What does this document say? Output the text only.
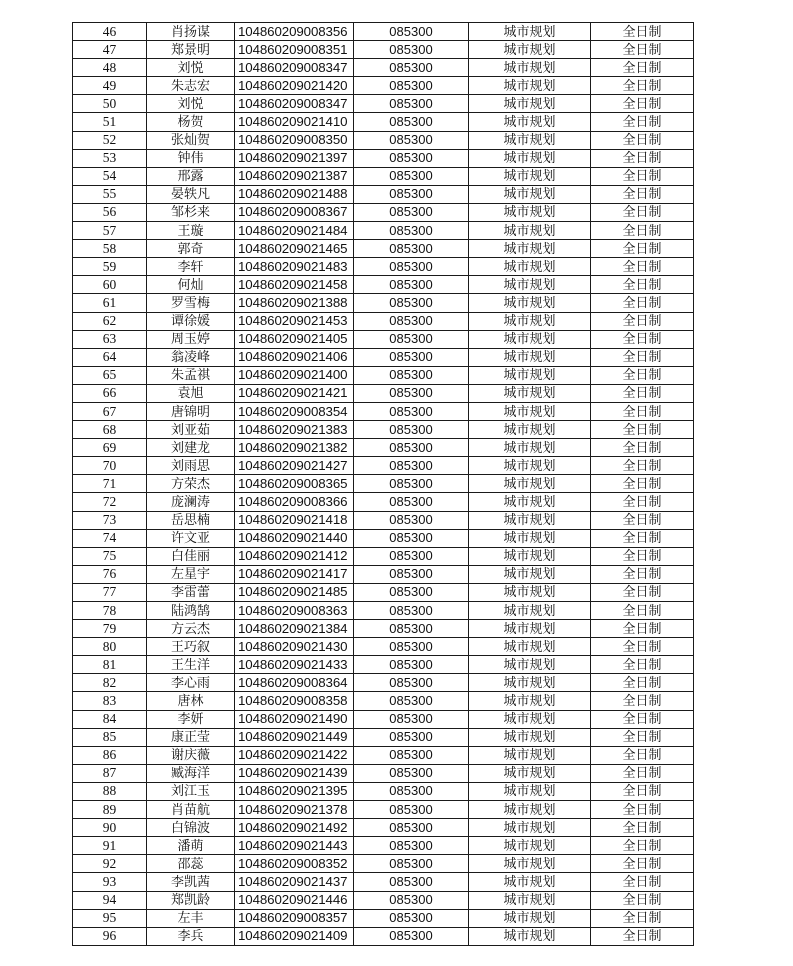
46	肖扬谋	104860209008356	085300	城市规划	全日制
47	郑景明	104860209008351	085300	城市规划	全日制
48	刘悦	104860209008347	085300	城市规划	全日制
49	朱志宏	104860209021420	085300	城市规划	全日制
50	刘悦	104860209008347	085300	城市规划	全日制
51	杨贺	104860209021410	085300	城市规划	全日制
52	张灿贺	104860209008350	085300	城市规划	全日制
53	钟伟	104860209021397	085300	城市规划	全日制
54	邢露	104860209021387	085300	城市规划	全日制
55	晏轶凡	104860209021488	085300	城市规划	全日制
56	邹杉来	104860209008367	085300	城市规划	全日制
57	王璇	104860209021484	085300	城市规划	全日制
58	郭奇	104860209021465	085300	城市规划	全日制
59	李轩	104860209021483	085300	城市规划	全日制
60	何灿	104860209021458	085300	城市规划	全日制
61	罗雪梅	104860209021388	085300	城市规划	全日制
62	谭徐媛	104860209021453	085300	城市规划	全日制
63	周玉婷	104860209021405	085300	城市规划	全日制
64	翁凌峰	104860209021406	085300	城市规划	全日制
65	朱孟祺	104860209021400	085300	城市规划	全日制
66	袁旭	104860209021421	085300	城市规划	全日制
67	唐锦明	104860209008354	085300	城市规划	全日制
68	刘亚茹	104860209021383	085300	城市规划	全日制
69	刘建龙	104860209021382	085300	城市规划	全日制
70	刘雨思	104860209021427	085300	城市规划	全日制
71	方荣杰	104860209008365	085300	城市规划	全日制
72	庞澜涛	104860209008366	085300	城市规划	全日制
73	岳思楠	104860209021418	085300	城市规划	全日制
74	许文亚	104860209021440	085300	城市规划	全日制
75	白佳丽	104860209021412	085300	城市规划	全日制
76	左星宇	104860209021417	085300	城市规划	全日制
77	李雷蕾	104860209021485	085300	城市规划	全日制
78	陆鸿鹄	104860209008363	085300	城市规划	全日制
79	方云杰	104860209021384	085300	城市规划	全日制
80	王巧叙	104860209021430	085300	城市规划	全日制
81	王生洋	104860209021433	085300	城市规划	全日制
82	李心雨	104860209008364	085300	城市规划	全日制
83	唐林	104860209008358	085300	城市规划	全日制
84	李妍	104860209021490	085300	城市规划	全日制
85	康正莹	104860209021449	085300	城市规划	全日制
86	谢庆薇	104860209021422	085300	城市规划	全日制
87	臧海洋	104860209021439	085300	城市规划	全日制
88	刘江玉	104860209021395	085300	城市规划	全日制
89	肖苗航	104860209021378	085300	城市规划	全日制
90	白锦波	104860209021492	085300	城市规划	全日制
91	潘萌	104860209021443	085300	城市规划	全日制
92	邵蕊	104860209008352	085300	城市规划	全日制
93	李凯茜	104860209021437	085300	城市规划	全日制
94	郑凯龄	104860209021446	085300	城市规划	全日制
95	左丰	104860209008357	085300	城市规划	全日制
96	李兵	104860209021409	085300	城市规划	全日制
